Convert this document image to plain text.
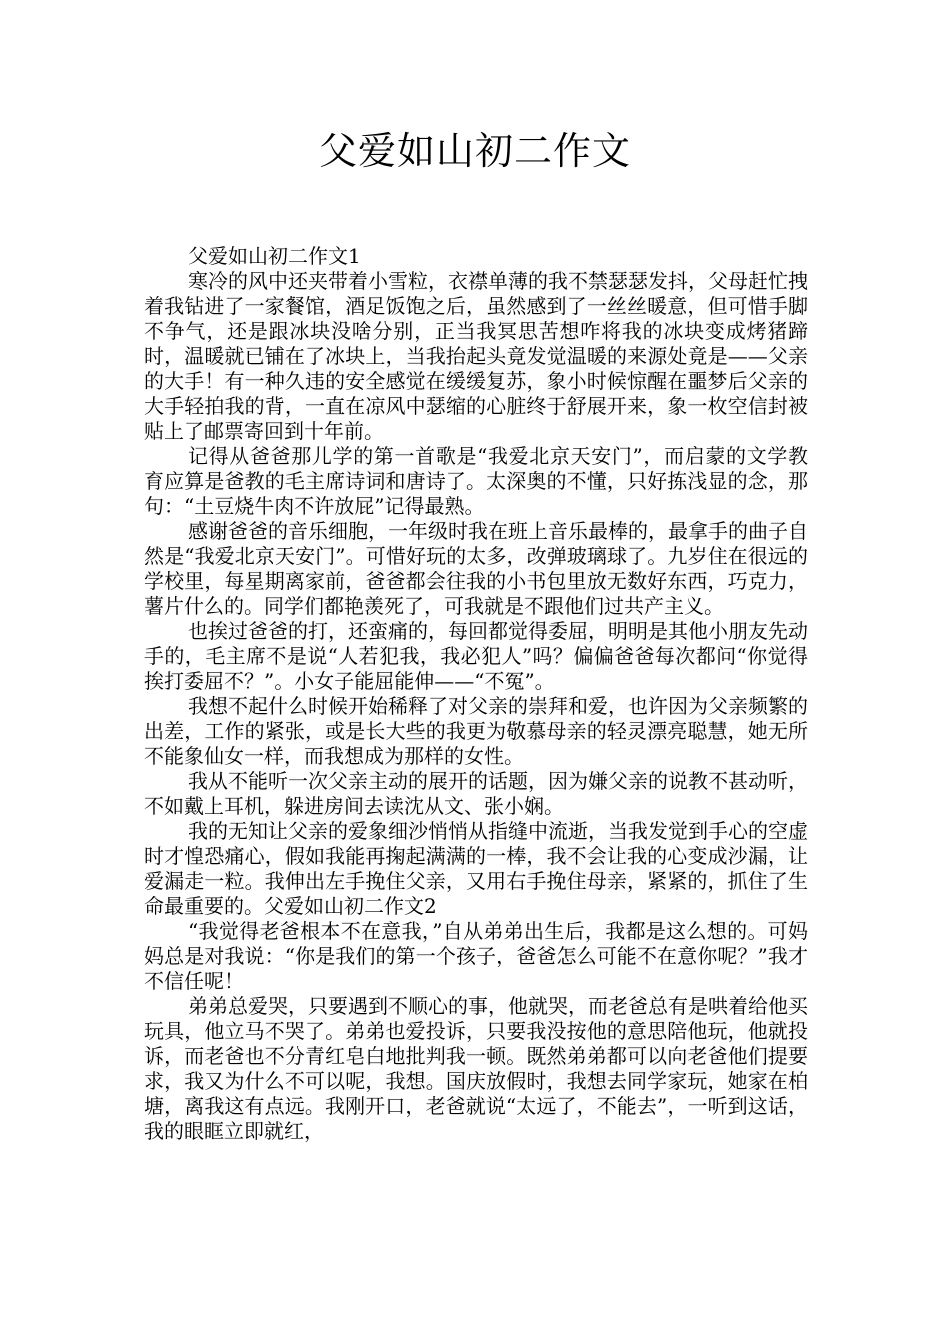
父爱如山初二作文

父爱如山初二作文1

寒冷的风中还夹带着小雪粒，衣襟单薄的我不禁瑟瑟发抖，父母赶忙拽着我钻进了一家餐馆，酒足饭饱之后，虽然感到了一丝丝暖意，但可惜手脚不争气，还是跟冰块没啥分别，正当我冥思苦想咋将我的冰块变成烤猪蹄时，温暖就已铺在了冰块上，当我抬起头竟发觉温暖的来源处竟是——父亲的大手！有一种久违的安全感觉在缓缓复苏，象小时候惊醒在噩梦后父亲的大手轻拍我的背，一直在凉风中瑟缩的心脏终于舒展开来，象一枚空信封被贴上了邮票寄回到十年前。

记得从爸爸那儿学的第一首歌是“我爱北京天安门”，而启蒙的文学教育应算是爸教的毛主席诗词和唐诗了。太深奥的不懂，只好拣浅显的念，那句：“土豆烧牛肉不许放屁”记得最熟。

感谢爸爸的音乐细胞，一年级时我在班上音乐最棒的，最拿手的曲子自然是“我爱北京天安门”。可惜好玩的太多，改弹玻璃球了。九岁住在很远的学校里，每星期离家前，爸爸都会往我的小书包里放无数好东西，巧克力，薯片什么的。同学们都艳羡死了，可我就是不跟他们过共产主义。

也挨过爸爸的打，还蛮痛的，每回都觉得委屈，明明是其他小朋友先动手的，毛主席不是说“人若犯我，我必犯人”吗？偏偏爸爸每次都问“你觉得挨打委屈不？”。小女子能屈能伸——“不冤”。

我想不起什么时候开始稀释了对父亲的崇拜和爱，也许因为父亲频繁的出差，工作的紧张，或是长大些的我更为敬慕母亲的轻灵漂亮聪慧，她无所不能象仙女一样，而我想成为那样的女性。

我从不能听一次父亲主动的展开的话题，因为嫌父亲的说教不甚动听，不如戴上耳机，躲进房间去读沈从文、张小娴。

我的无知让父亲的爱象细沙悄悄从指缝中流逝，当我发觉到手心的空虚时才惶恐痛心，假如我能再掬起满满的一棒，我不会让我的心变成沙漏，让爱漏走一粒。我伸出左手挽住父亲，又用右手挽住母亲，紧紧的，抓住了生命最重要的。父爱如山初二作文2

“我觉得老爸根本不在意我，”自从弟弟出生后，我都是这么想的。可妈妈总是对我说：“你是我们的第一个孩子，爸爸怎么可能不在意你呢？”我才不信任呢！

弟弟总爱哭，只要遇到不顺心的事，他就哭，而老爸总有是哄着给他买玩具，他立马不哭了。弟弟也爱投诉，只要我没按他的意思陪他玩，他就投诉，而老爸也不分青红皂白地批判我一顿。既然弟弟都可以向老爸他们提要求，我又为什么不可以呢，我想。国庆放假时，我想去同学家玩，她家在柏塘，离我这有点远。我刚开口，老爸就说“太远了，不能去”，一听到这话，我的眼眶立即就红，
